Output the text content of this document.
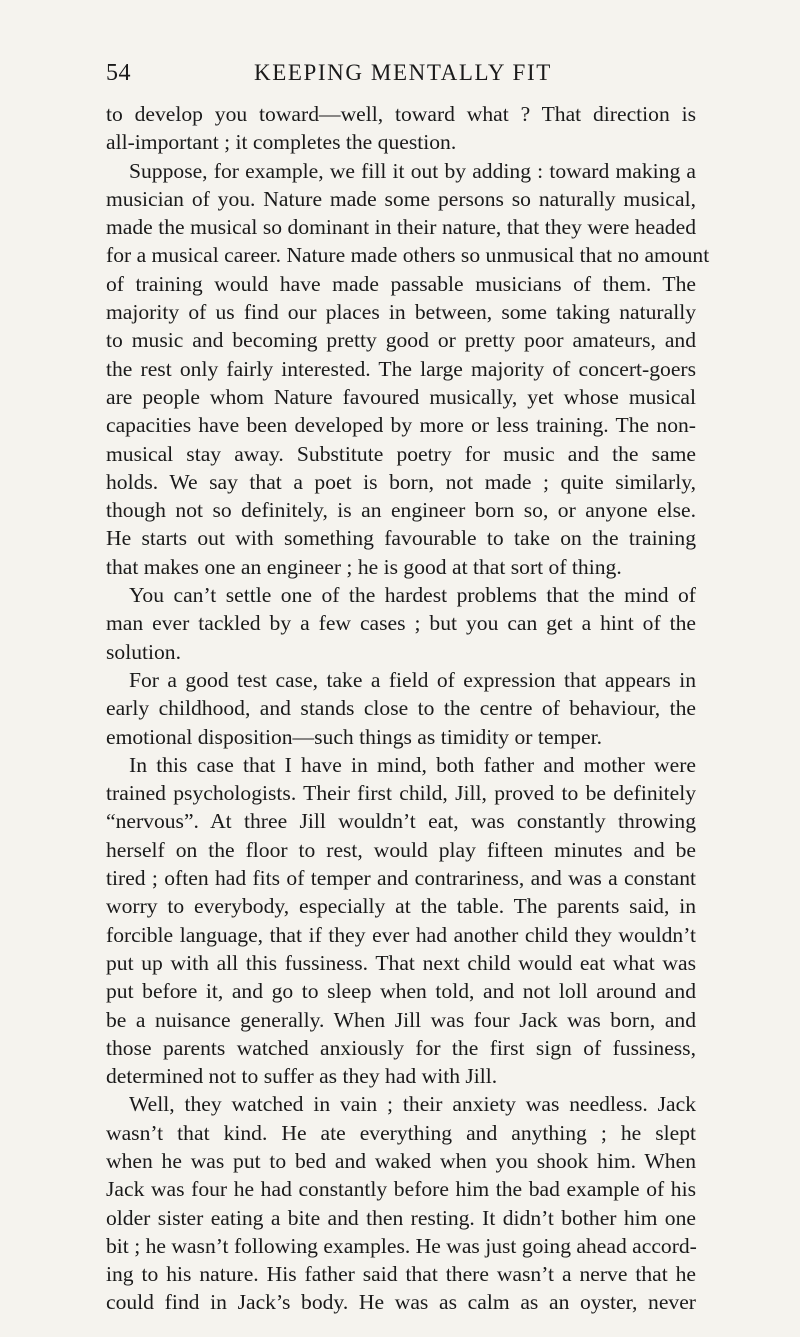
54	KEEPING MENTALLY FIT
to develop you toward—well, toward what ? That direction is
all-important ; it completes the question.
Suppose, for example, we fill it out by adding : toward making a
musician of you. Nature made some persons so naturally musical,
made the musical so dominant in their nature, that they were headed
for a musical career. Nature made others so unmusical that no amount
of training would have made passable musicians of them. The
majority of us find our places in between, some taking naturally
to music and becoming pretty good or pretty poor amateurs, and
the rest only fairly interested. The large majority of concert-goers
are people whom Nature favoured musically, yet whose musical
capacities have been developed by more or less training. The non-
musical stay away. Substitute poetry for music and the same
holds. We say that a poet is born, not made ; quite similarly,
though not so definitely, is an engineer born so, or anyone else.
He starts out with something favourable to take on the training
that makes one an engineer ; he is good at that sort of thing.
You can’t settle one of the hardest problems that the mind of
man ever tackled by a few cases ; but you can get a hint of the
solution.
For a good test case, take a field of expression that appears in
early childhood, and stands close to the centre of behaviour, the
emotional disposition—such things as timidity or temper.
In this case that I have in mind, both father and mother were
trained psychologists. Their first child, Jill, proved to be definitely
“nervous”. At three Jill wouldn’t eat, was constantly throwing
herself on the floor to rest, would play fifteen minutes and be
tired ; often had fits of temper and contrariness, and was a constant
worry to everybody, especially at the table. The parents said, in
forcible language, that if they ever had another child they wouldn’t
put up with all this fussiness. That next child would eat what was
put before it, and go to sleep when told, and not loll around and
be a nuisance generally. When Jill was four Jack was born, and
those parents watched anxiously for the first sign of fussiness,
determined not to suffer as they had with Jill.
Well, they watched in vain ; their anxiety was needless. Jack
wasn’t that kind. He ate everything and anything ; he slept
when he was put to bed and waked when you shook him. When
Jack was four he had constantly before him the bad example of his
older sister eating a bite and then resting. It didn’t bother him one
bit ; he wasn’t following examples. He was just going ahead accord-
ing to his nature. His father said that there wasn’t a nerve that he
could find in Jack’s body. He was as calm as an oyster, never
